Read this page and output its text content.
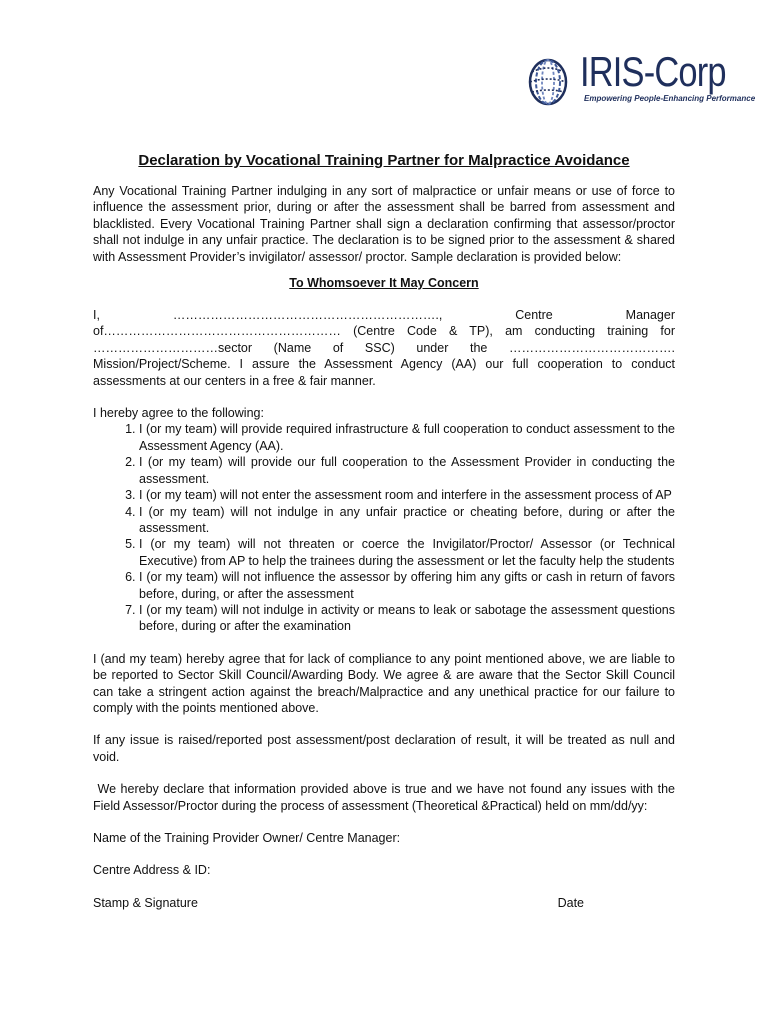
IRIS-Corp
Empowering People-Enhancing Performance
Declaration by Vocational Training Partner for Malpractice Avoidance

Any Vocational Training Partner indulging in any sort of malpractice or unfair means or use of force to influence the assessment prior, during or after the assessment shall be barred from assessment and blacklisted. Every Vocational Training Partner shall sign a declaration confirming that assessor/proctor shall not indulge in any unfair practice. The declaration is to be signed prior to the assessment & shared with Assessment Provider’s invigilator/ assessor/ proctor. Sample declaration is provided below:

To Whomsoever It May Concern

I, ………………………………………………………., Centre Manager of………………………………………………… (Centre Code & TP), am conducting training for …………………………sector (Name of SSC) under the …………………………………. Mission/Project/Scheme. I assure the Assessment Agency (AA) our full cooperation to conduct assessments at our centers in a free & fair manner.

I hereby agree to the following:

1. I (or my team) will provide required infrastructure & full cooperation to conduct assessment to the Assessment Agency (AA).
2. I (or my team) will provide our full cooperation to the Assessment Provider in conducting the assessment.
3. I (or my team) will not enter the assessment room and interfere in the assessment process of AP
4. I (or my team) will not indulge in any unfair practice or cheating before, during or after the assessment.
5. I (or my team) will not threaten or coerce the Invigilator/Proctor/ Assessor (or Technical Executive) from AP to help the trainees during the assessment or let the faculty help the students
6. I (or my team) will not influence the assessor by offering him any gifts or cash in return of favors before, during, or after the assessment
7. I (or my team) will not indulge in activity or means to leak or sabotage the assessment questions before, during or after the examination

I (and my team) hereby agree that for lack of compliance to any point mentioned above, we are liable to be reported to Sector Skill Council/Awarding Body. We agree & are aware that the Sector Skill Council can take a stringent action against the breach/Malpractice and any unethical practice for our failure to comply with the points mentioned above.

If any issue is raised/reported post assessment/post declaration of result, it will be treated as null and void.

We hereby declare that information provided above is true and we have not found any issues with the Field Assessor/Proctor during the process of assessment (Theoretical &Practical) held on mm/dd/yy:

Name of the Training Provider Owner/ Centre Manager:

Centre Address & ID:

Stamp & Signature	Date
